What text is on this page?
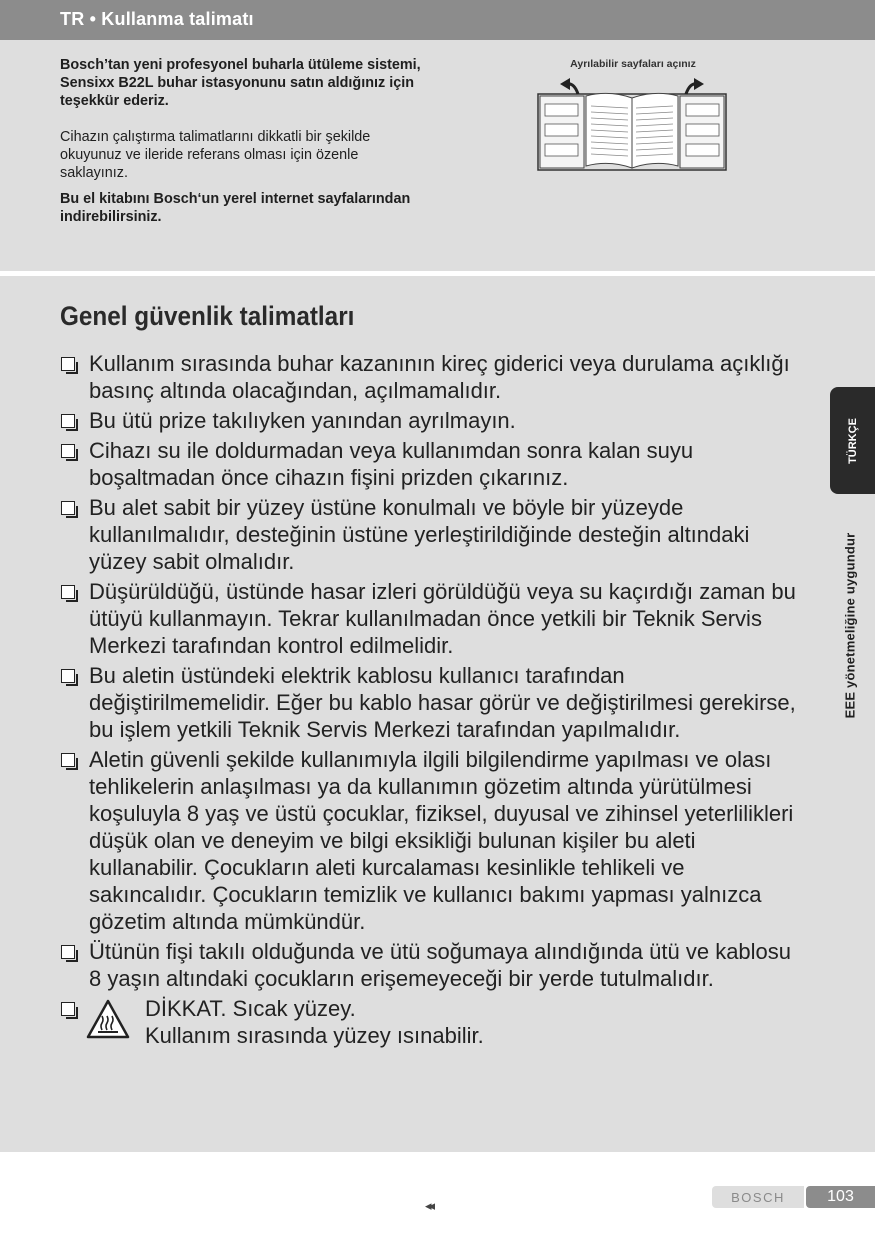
TR • Kullanma talimatı

Bosch’tan yeni profesyonel buharla ütüleme sistemi, Sensixx B22L buhar istasyonunu satın aldığınız için teşekkür ederiz.

Cihazın çalıştırma talimatlarını dikkatli bir şekilde okuyunuz ve ileride referans olması için özenle saklayınız.

Bu el kitabını Bosch‘un yerel internet sayfalarından indirebilirsiniz.

Ayrılabilir sayfaları açınız
Genel güvenlik talimatları
Kullanım sırasında buhar kazanının kireç giderici veya durulama açıklığı basınç altında olacağından, açılmamalıdır.
Bu ütü prize takılıyken yanından ayrılmayın.
Cihazı su ile doldurmadan veya kullanımdan sonra kalan suyu boşaltmadan önce cihazın fişini prizden çıkarınız.
Bu alet sabit bir yüzey üstüne konulmalı ve böyle bir yüzeyde kullanılmalıdır, desteğinin üstüne yerleştirildiğinde desteğin altındaki yüzey sabit olmalıdır.
Düşürüldüğü, üstünde hasar izleri görüldüğü veya su kaçırdığı zaman bu ütüyü kullanmayın. Tekrar kullanılmadan önce yetkili bir Teknik Servis Merkezi tarafından kontrol edilmelidir.
Bu aletin üstündeki elektrik kablosu kullanıcı tarafından değiştirilmemelidir. Eğer bu kablo hasar görür ve değiştirilmesi gerekirse, bu işlem yetkili Teknik Servis Merkezi tarafından yapılmalıdır.
Aletin güvenli şekilde kullanımıyla ilgili bilgilendirme yapılması ve olası tehlikelerin anlaşılması ya da kullanımın gözetim altında yürütülmesi koşuluyla 8 yaş ve üstü çocuklar, fiziksel, duyusal ve zihinsel yeterlilikleri düşük olan ve deneyim ve bilgi eksikliği bulunan kişiler bu aleti kullanabilir. Çocukların aleti kurcalaması kesinlikle tehlikeli ve sakıncalıdır. Çocukların temizlik ve kullanıcı bakımı yapması yalnızca gözetim altında mümkündür.
Ütünün fişi takılı olduğunda ve ütü soğumaya alındığında ütü ve kablosu 8 yaşın altındaki çocukların erişemeyeceği bir yerde tutulmalıdır.
DİKKAT. Sıcak yüzey.
Kullanım sırasında yüzey ısınabilir.
TÜRKÇE
EEE yönetmeliğine uygundur
◂◂
BOSCH	103
